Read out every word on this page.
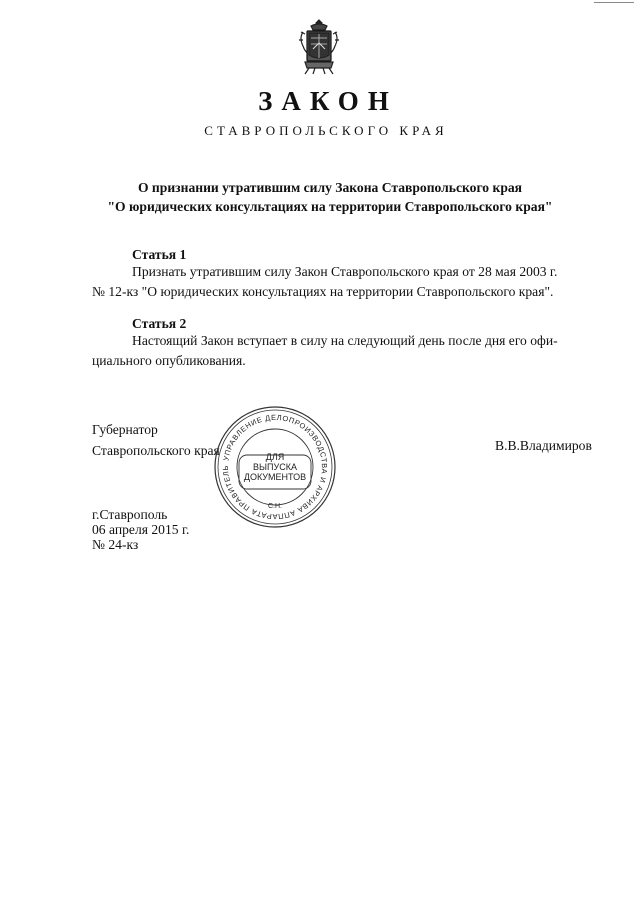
ЗАКОН
СТАВРОПОЛЬСКОГО КРАЯ
О признании утратившим силу Закона Ставропольского края
"О юридических консультациях на территории Ставропольского края"
Статья 1
Признать утратившим силу Закон Ставропольского края от 28 мая 2003 г.
№ 12-кз "О юридических консультациях на территории Ставропольского края".
Статья 2
Настоящий Закон вступает в силу на следующий день после дня его офи-
циального опубликования.
Губернатор
Ставропольского края	В.В.Владимиров
г.Ставрополь
06 апреля 2015 г.
№ 24-кз
УПРАВЛЕНИЕ ДЕЛОПРОИЗВОДСТВА И АРХИВА АППАРАТА ПРАВИТЕЛЬ
ДЛЯ
ВЫПУСКА
ДОКУМЕНТОВ
С.Н.
